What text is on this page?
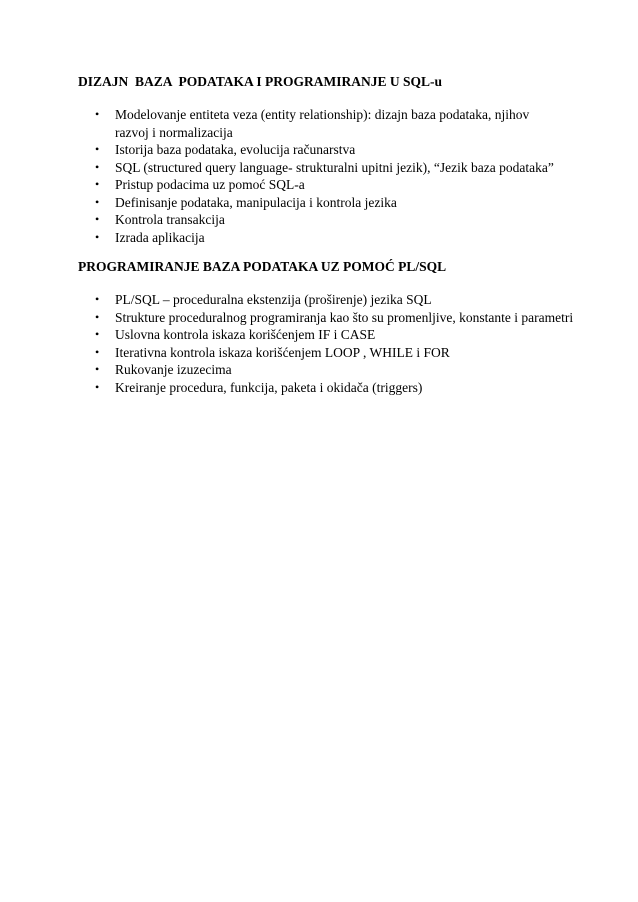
DIZAJN  BAZA  PODATAKA I PROGRAMIRANJE U SQL-u

• Modelovanje entiteta veza (entity relationship): dizajn baza podataka, njihov razvoj i normalizacija
• Istorija baza podataka, evolucija računarstva
• SQL (structured query language- strukturalni upitni jezik), “Jezik baza podataka”
• Pristup podacima uz pomoć SQL-a
• Definisanje podataka, manipulacija i kontrola jezika
• Kontrola transakcija
• Izrada aplikacija

PROGRAMIRANJE BAZA PODATAKA UZ POMOĆ PL/SQL

• PL/SQL – proceduralna ekstenzija (proširenje) jezika SQL
• Strukture proceduralnog programiranja kao što su promenljive, konstante i parametri
• Uslovna kontrola iskaza korišćenjem IF i CASE
• Iterativna kontrola iskaza korišćenjem LOOP , WHILE i FOR
• Rukovanje izuzecima
• Kreiranje procedura, funkcija, paketa i okidača (triggers)
